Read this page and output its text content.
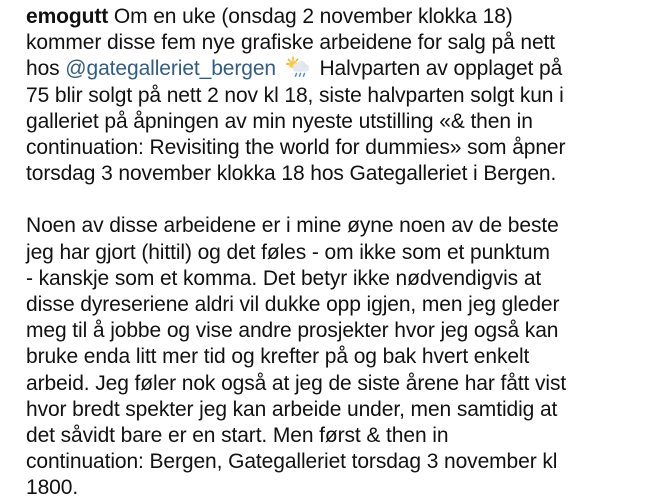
emogutt Om en uke (onsdag 2 november klokka 18)
kommer disse fem nye grafiske arbeidene for salg på nett
hos @gategalleriet_bergen  Halvparten av opplaget på
75 blir solgt på nett 2 nov kl 18, siste halvparten solgt kun i
galleriet på åpningen av min nyeste utstilling «& then in
continuation: Revisiting the world for dummies» som åpner
torsdag 3 november klokka 18 hos Gategalleriet i Bergen.

Noen av disse arbeidene er i mine øyne noen av de beste
jeg har gjort (hittil) og det føles - om ikke som et punktum
- kanskje som et komma. Det betyr ikke nødvendigvis at
disse dyreseriene aldri vil dukke opp igjen, men jeg gleder
meg til å jobbe og vise andre prosjekter hvor jeg også kan
bruke enda litt mer tid og krefter på og bak hvert enkelt
arbeid. Jeg føler nok også at jeg de siste årene har fått vist
hvor bredt spekter jeg kan arbeide under, men samtidig at
det såvidt bare er en start. Men først & then in
continuation: Bergen, Gategalleriet torsdag 3 november kl
1800.
